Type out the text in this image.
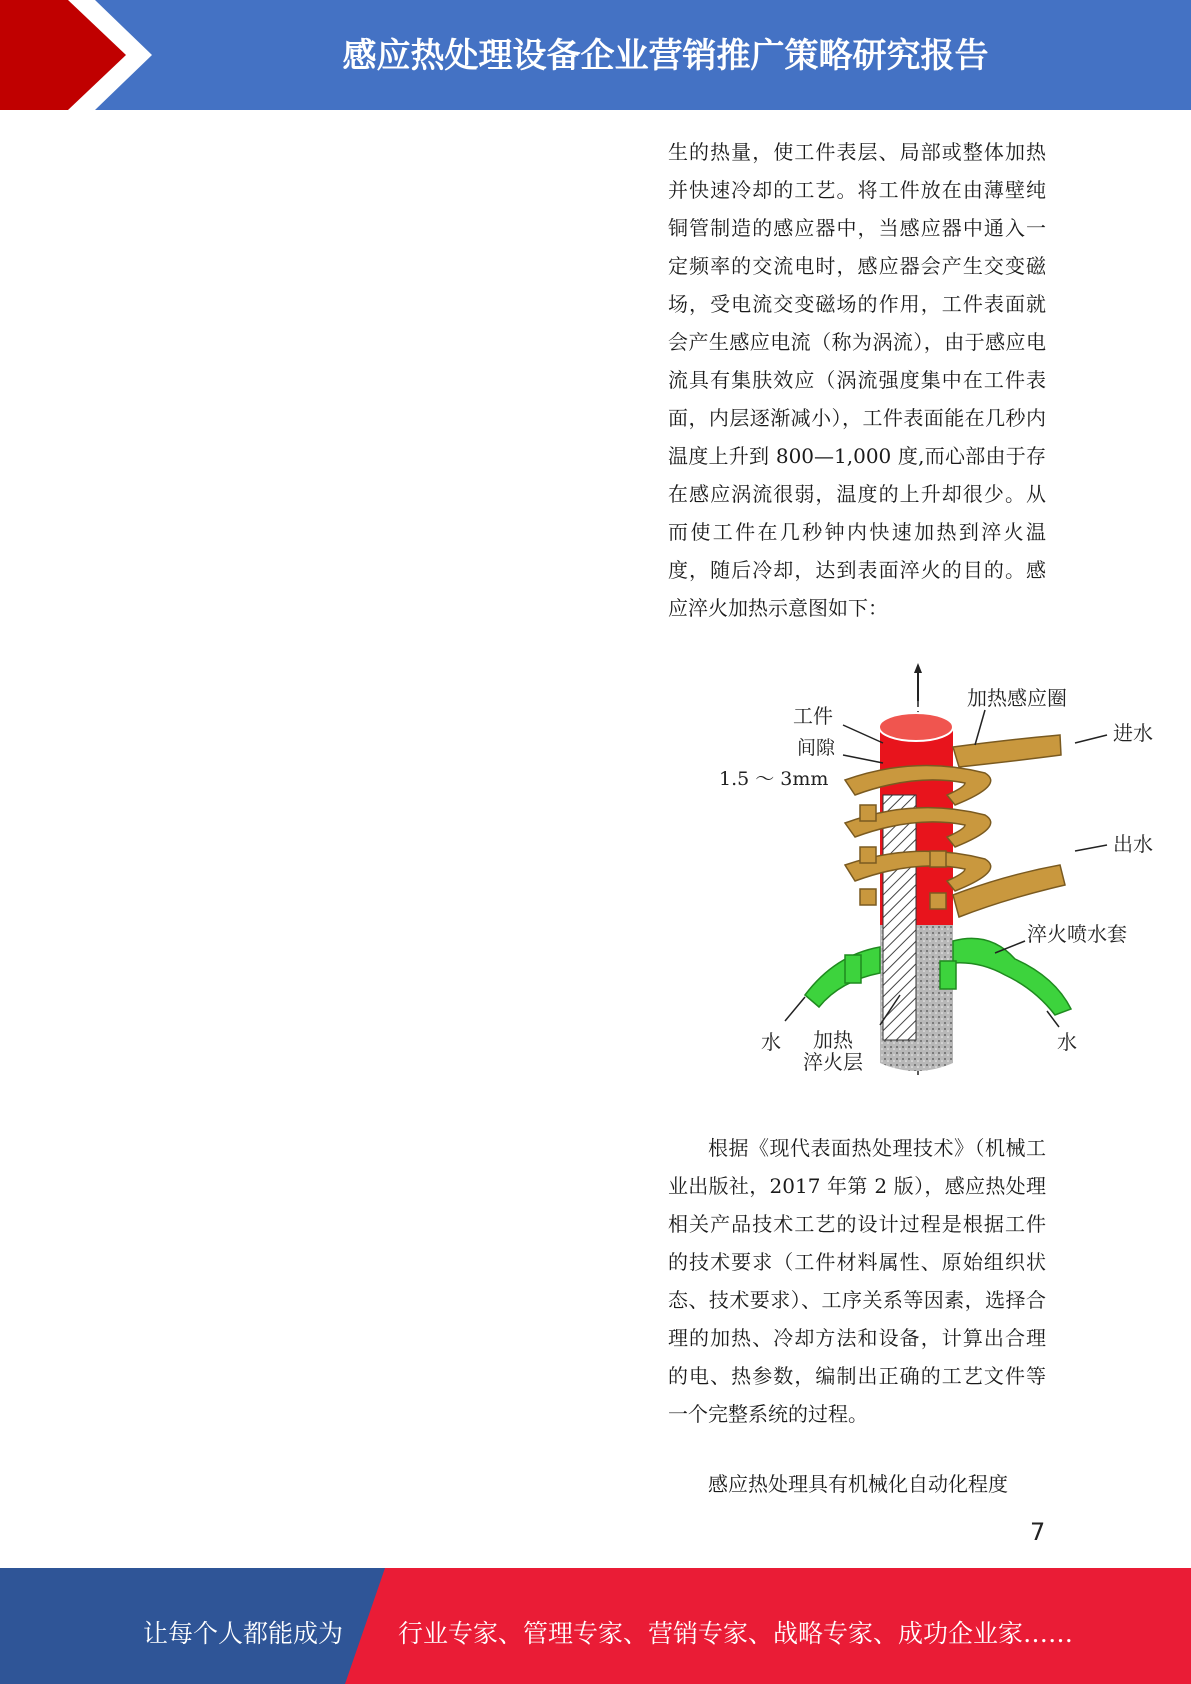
感应热处理设备企业营销推广策略研究报告

生的热量，使工件表层、局部或整体加热并快速冷却的工艺。将工件放在由薄壁纯铜管制造的感应器中，当感应器中通入一定频率的交流电时，感应器会产生交变磁场，受电流交变磁场的作用，工件表面就会产生感应电流（称为涡流），由于感应电流具有集肤效应（涡流强度集中在工件表面，内层逐渐减小），工件表面能在几秒内温度上升到 800—1,000 度,而心部由于存在感应涡流很弱，温度的上升却很少。从而使工件在几秒钟内快速加热到淬火温度，随后冷却，达到表面淬火的目的。感应淬火加热示意图如下：

工件
间隙
1.5 ～ 3mm
加热感应圈
进水
出水
淬火喷水套
水	水
加热
淬火层

根据《现代表面热处理技术》（机械工业出版社，2017 年第 2 版），感应热处理相关产品技术工艺的设计过程是根据工件的技术要求（工件材料属性、原始组织状态、技术要求）、工序关系等因素，选择合理的加热、冷却方法和设备，计算出合理的电、热参数，编制出正确的工艺文件等一个完整系统的过程。

感应热处理具有机械化自动化程度

7
让每个人都能成为 行业专家、管理专家、营销专家、战略专家、成功企业家……
